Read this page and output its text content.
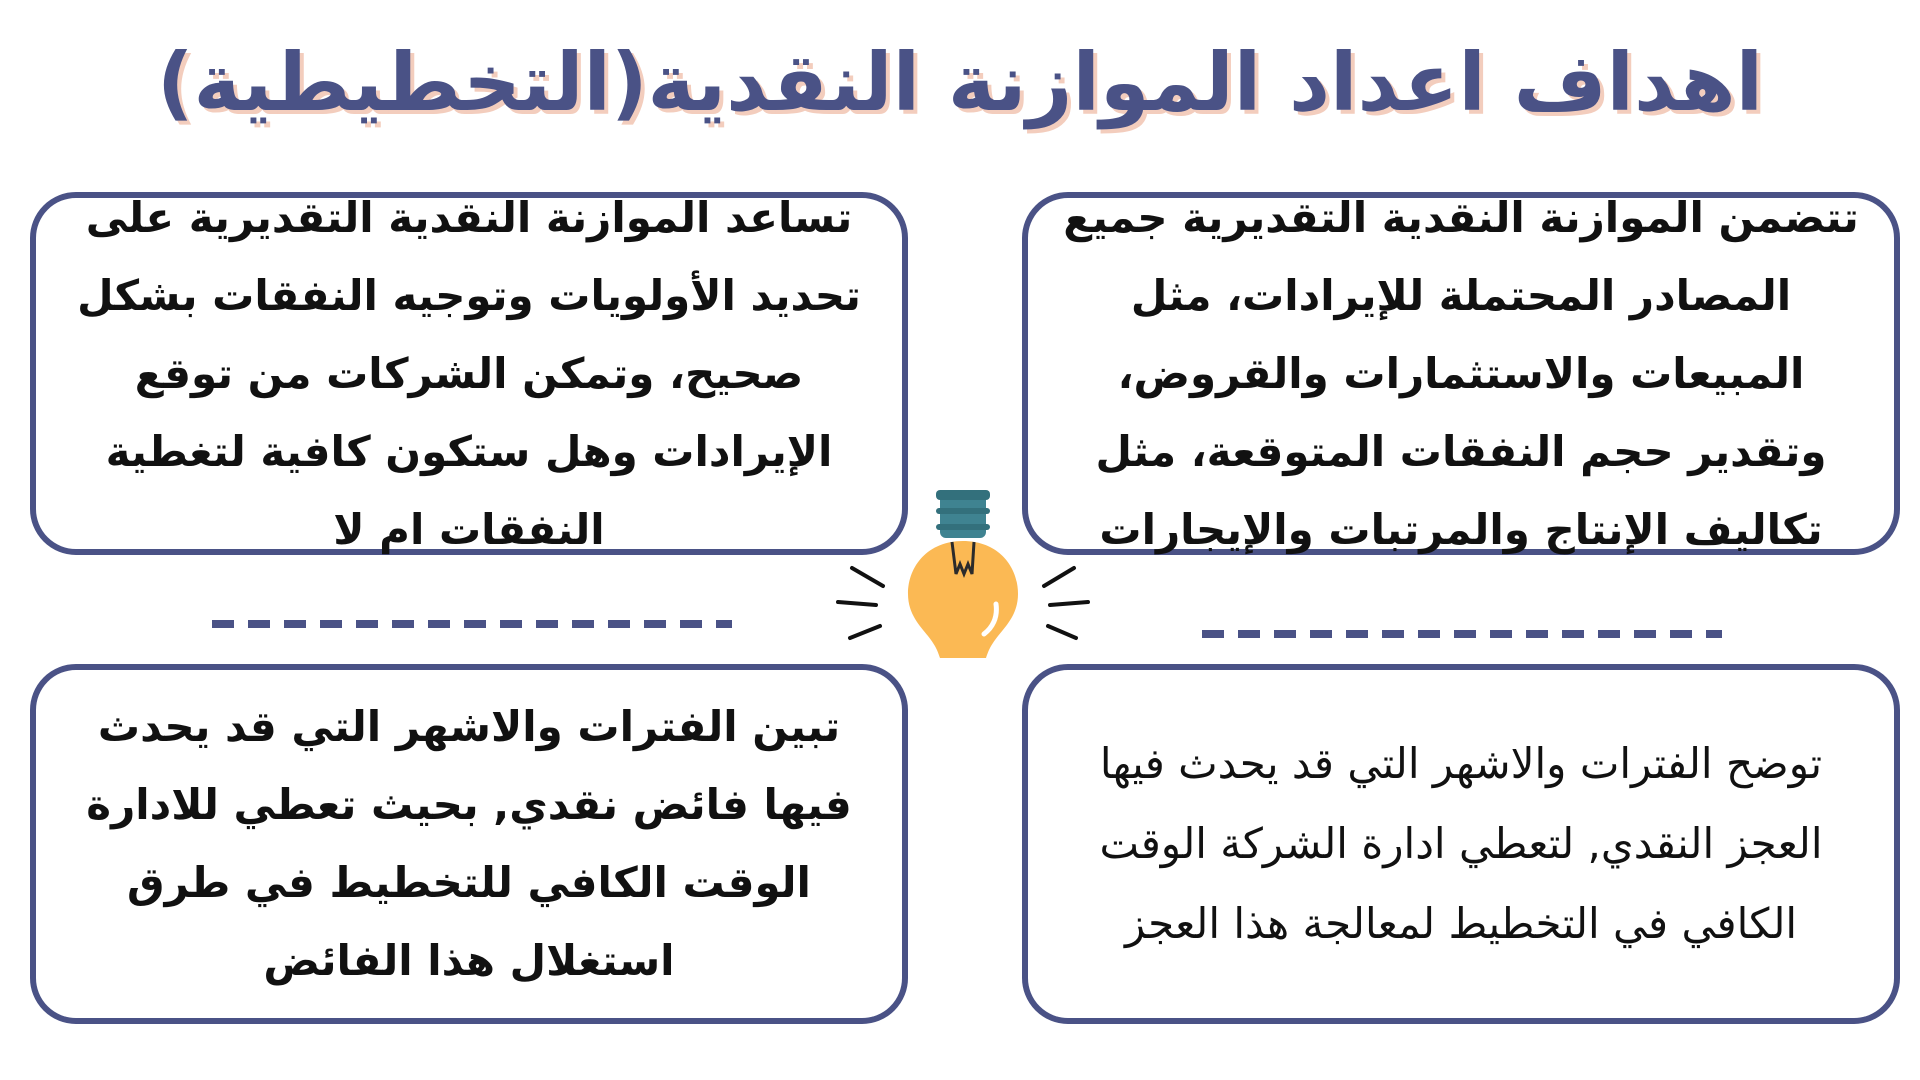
اهداف اعداد الموازنة النقدية(التخطيطية)

تتضمن الموازنة النقدية التقديرية جميع المصادر المحتملة للإيرادات، مثل المبيعات والاستثمارات والقروض، وتقدير حجم النفقات المتوقعة، مثل تكاليف الإنتاج والمرتبات والإيجارات

تساعد الموازنة النقدية التقديرية على تحديد الأولويات وتوجيه النفقات بشكل صحيح، وتمكن الشركات من توقع الإيرادات وهل ستكون كافية لتغطية النفقات ام لا

توضح الفترات والاشهر التي قد يحدث فيها العجز النقدي, لتعطي ادارة الشركة الوقت الكافي في التخطيط لمعالجة هذا العجز

تبين الفترات والاشهر التي قد يحدث فيها فائض نقدي, بحيث تعطي للادارة الوقت الكافي للتخطيط في طرق استغلال هذا الفائض
